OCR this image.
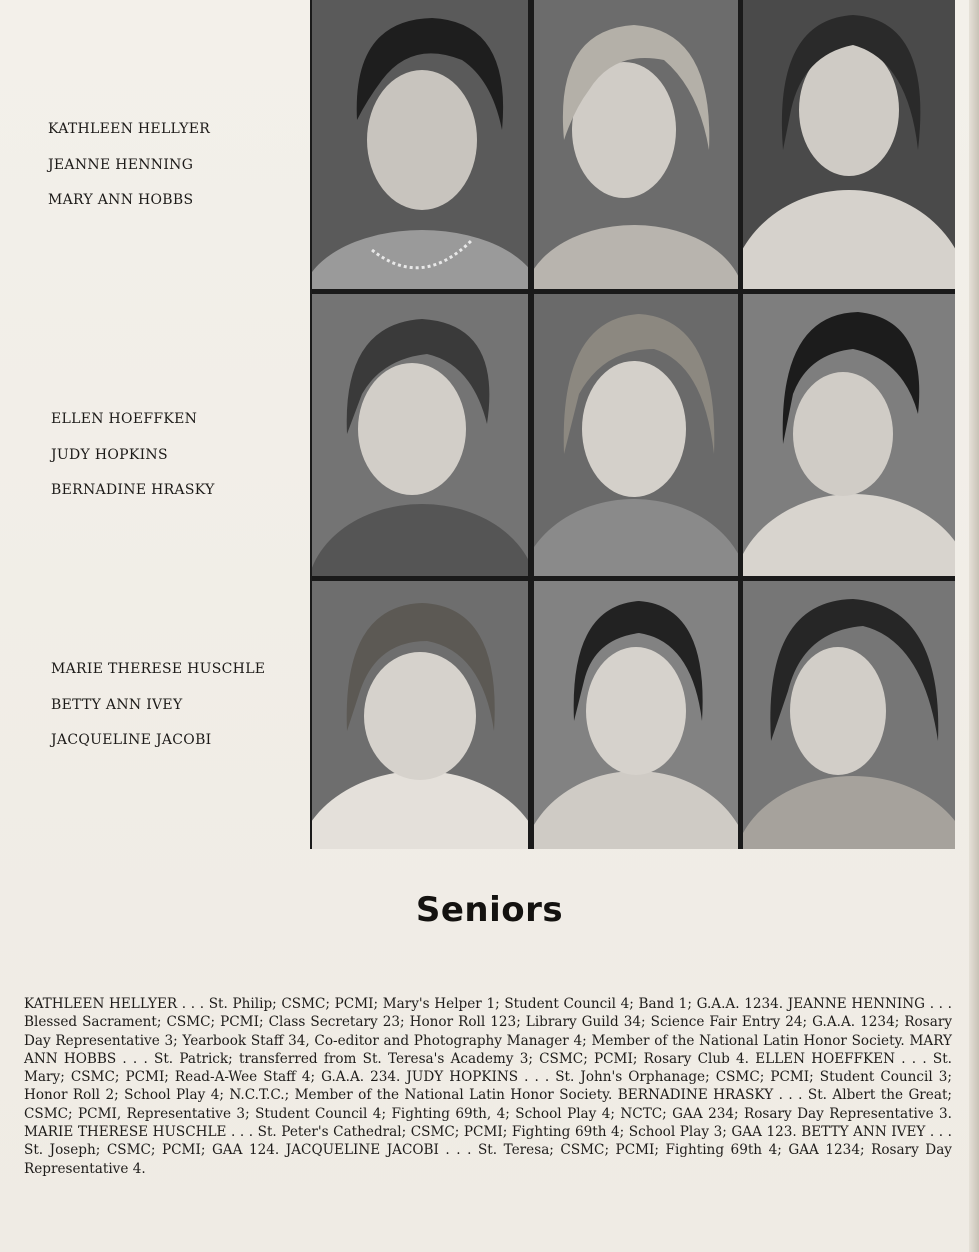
KATHLEEN HELLYER
JEANNE HENNING
MARY ANN HOBBS
ELLEN HOEFFKEN
JUDY HOPKINS
BERNADINE HRASKY
MARIE THERESE HUSCHLE
BETTY ANN IVEY
JACQUELINE JACOBI
Seniors

KATHLEEN HELLYER . . . St. Philip; CSMC; PCMI; Mary's Helper 1; Student Council 4; Band 1; G.A.A. 1234. JEANNE HENNING . . . Blessed Sacrament; CSMC; PCMI; Class Secretary 23; Honor Roll 123; Library Guild 34; Science Fair Entry 24; G.A.A. 1234; Rosary Day Representative 3; Yearbook Staff 34, Co-editor and Photography Manager 4; Member of the National Latin Honor Society. MARY ANN HOBBS . . . St. Patrick; transferred from St. Teresa's Academy 3; CSMC; PCMI; Rosary Club 4. ELLEN HOEFFKEN . . . St. Mary; CSMC; PCMI; Read-A-Wee Staff 4; G.A.A. 234. JUDY HOPKINS . . . St. John's Orphanage; CSMC; PCMI; Student Council 3; Honor Roll 2; School Play 4; N.C.T.C.; Member of the National Latin Honor Society. BERNADINE HRASKY . . . St. Albert the Great; CSMC; PCMI, Representative 3; Student Council 4; Fighting 69th, 4; School Play 4; NCTC; GAA 234; Rosary Day Representative 3. MARIE THERESE HUSCHLE . . . St. Peter's Cathedral; CSMC; PCMI; Fighting 69th 4; School Play 3; GAA 123. BETTY ANN IVEY . . . St. Joseph; CSMC; PCMI; GAA 124. JACQUELINE JACOBI . . . St. Teresa; CSMC; PCMI; Fighting 69th 4; GAA 1234; Rosary Day Representative 4.
